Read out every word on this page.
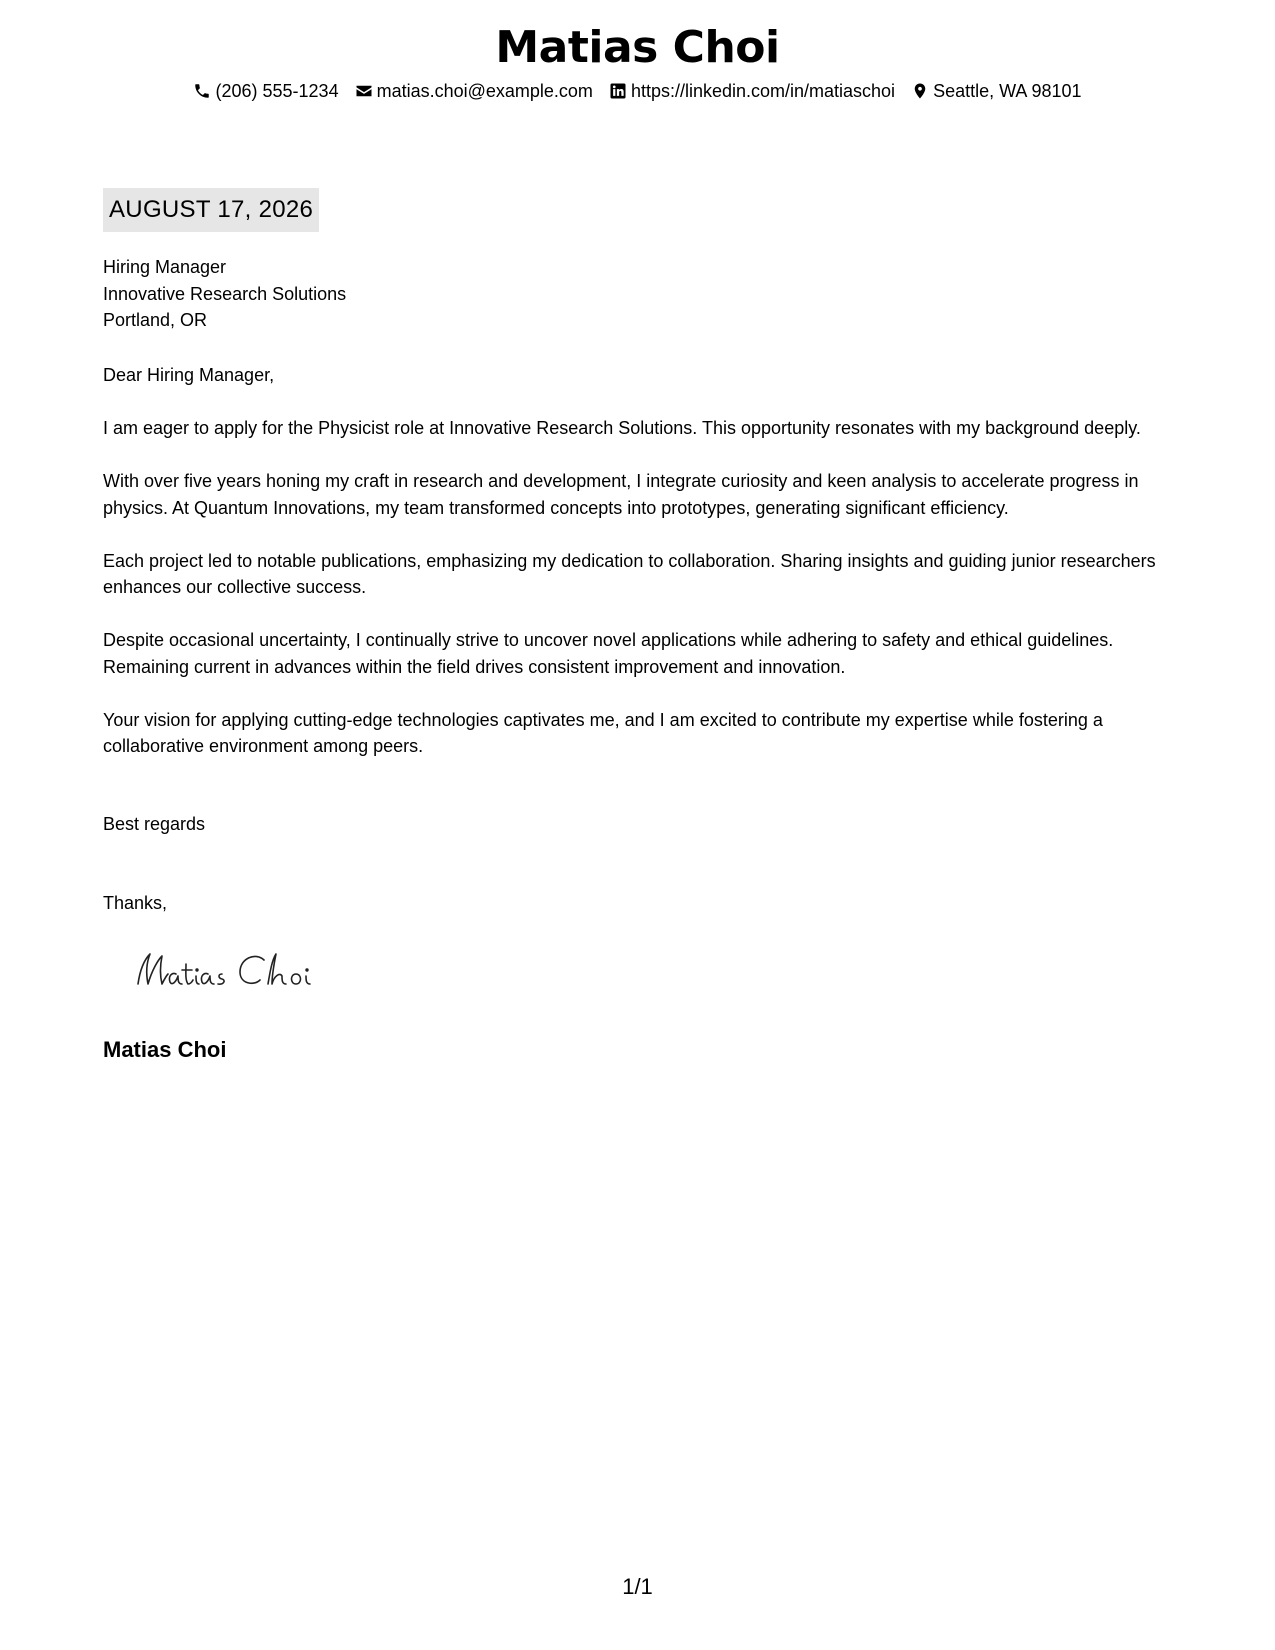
Matias Choi
(206) 555-1234 matias.choi@example.com https://linkedin.com/in/matiaschoi Seattle, WA 98101
AUGUST 17, 2026
Hiring Manager
Innovative Research Solutions
Portland, OR
Dear Hiring Manager,

I am eager to apply for the Physicist role at Innovative Research Solutions. This opportunity resonates with my background deeply.

With over five years honing my craft in research and development, I integrate curiosity and keen analysis to accelerate progress in physics. At Quantum Innovations, my team transformed concepts into prototypes, generating significant efficiency.

Each project led to notable publications, emphasizing my dedication to collaboration. Sharing insights and guiding junior researchers enhances our collective success.

Despite occasional uncertainty, I continually strive to uncover novel applications while adhering to safety and ethical guidelines. Remaining current in advances within the field drives consistent improvement and innovation.

Your vision for applying cutting-edge technologies captivates me, and I am excited to contribute my expertise while fostering a collaborative environment among peers.

Best regards
Thanks,
Matias Choi
1/1
